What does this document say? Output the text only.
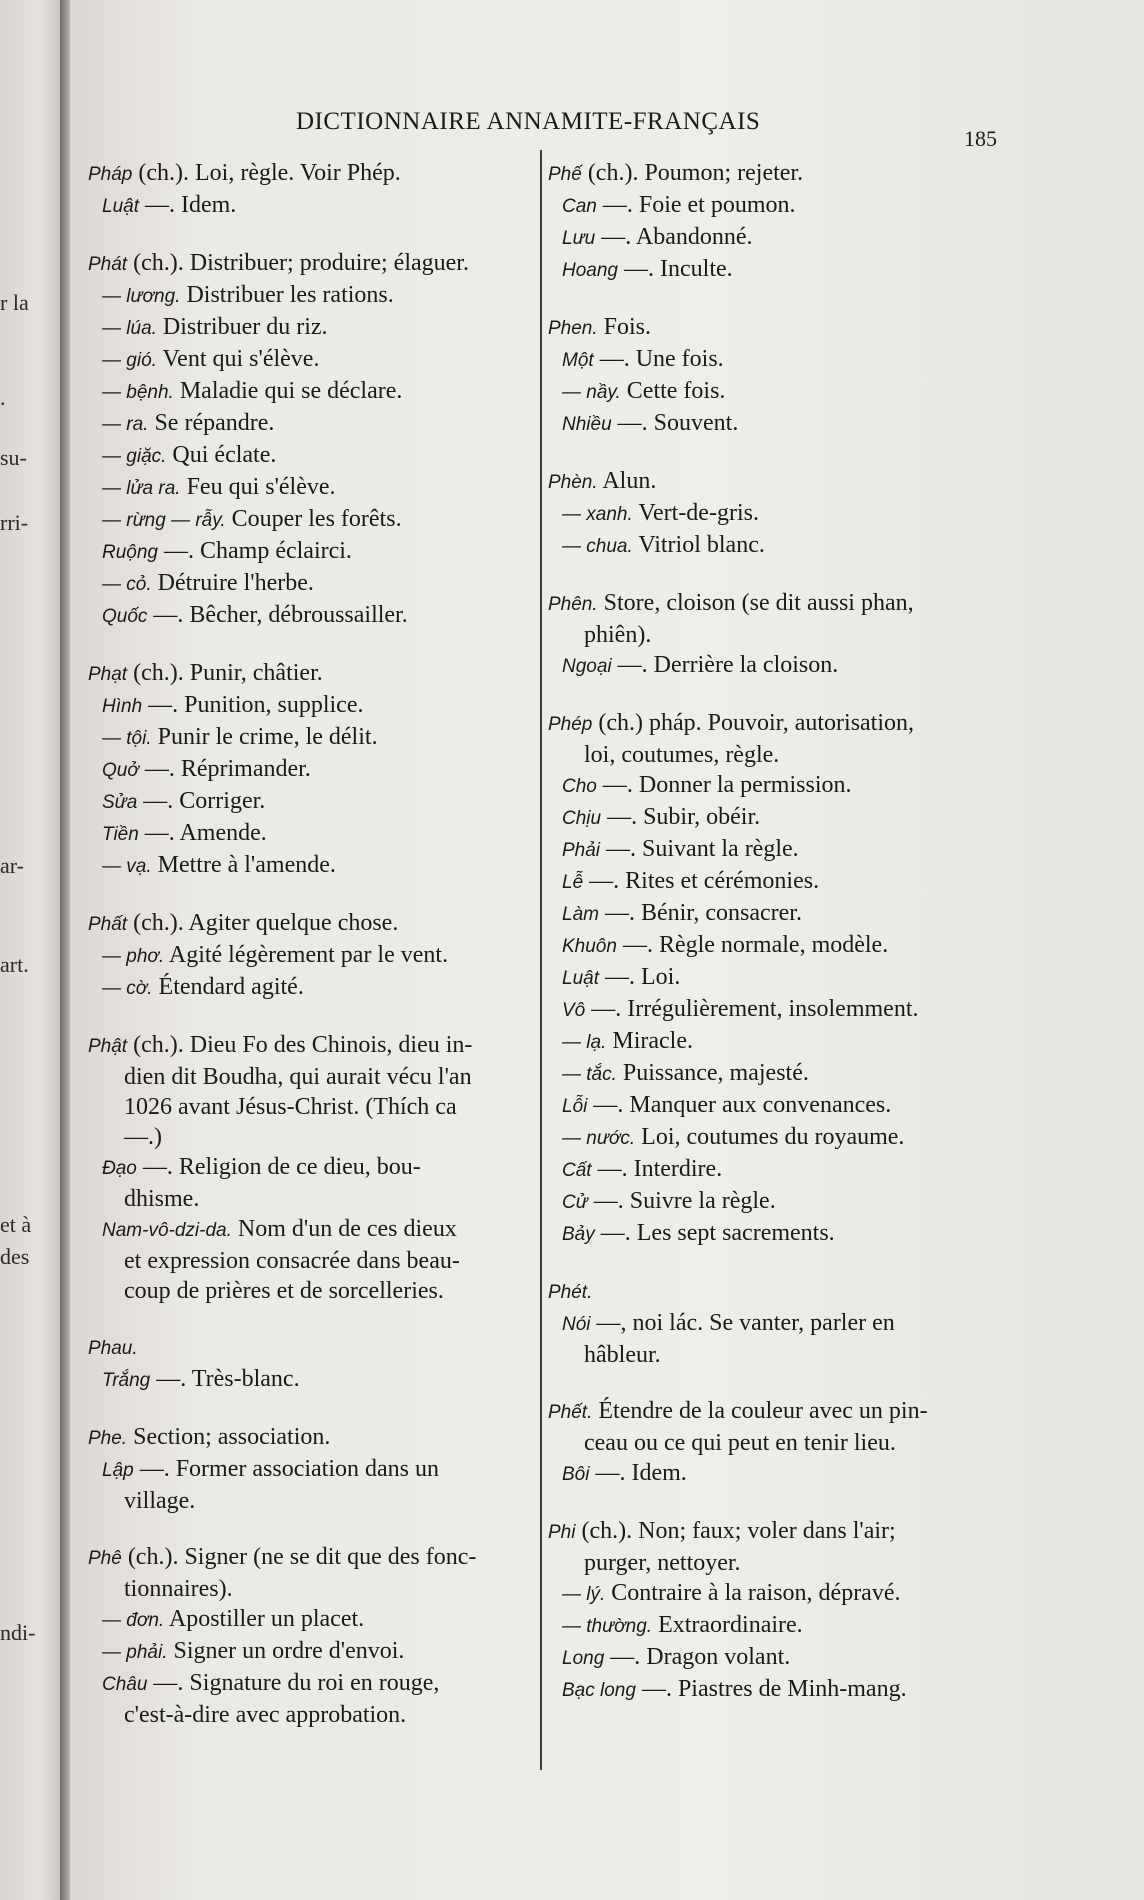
r la
.
su-
rri-
ar-
art.
et à
des
ndi-
DICTIONNAIRE ANNAMITE-FRANÇAIS
185
Pháp (ch.). Loi, règle. Voir Phép.
Luật —. Idem.
Phát (ch.). Distribuer; produire; élaguer.
— lương. Distribuer les rations.
— lúa. Distribuer du riz.
— gió. Vent qui s'élève.
— bệnh. Maladie qui se déclare.
— ra. Se répandre.
— giặc. Qui éclate.
— lửa ra. Feu qui s'élève.
— rừng — rẫy. Couper les forêts.
Ruộng —. Champ éclairci.
— cỏ. Détruire l'herbe.
Quốc —. Bêcher, débroussailler.
Phạt (ch.). Punir, châtier.
Hình —. Punition, supplice.
— tội. Punir le crime, le délit.
Quở —. Réprimander.
Sửa —. Corriger.
Tiền —. Amende.
— vạ. Mettre à l'amende.
Phất (ch.). Agiter quelque chose.
— phơ. Agité légèrement par le vent.
— cờ. Étendard agité.
Phật (ch.). Dieu Fo des Chinois, dieu in-
dien dit Boudha, qui aurait vécu l'an
1026 avant Jésus-Christ. (Thích ca
—.)
Đạo —. Religion de ce dieu, bou-
dhisme.
Nam-vô-dzi-da. Nom d'un de ces dieux
et expression consacrée dans beau-
coup de prières et de sorcelleries.
Phau.
Trắng —. Très-blanc.
Phe. Section; association.
Lập —. Former association dans un
village.
Phê (ch.). Signer (ne se dit que des fonc-
tionnaires).
— đơn. Apostiller un placet.
— phải. Signer un ordre d'envoi.
Châu —. Signature du roi en rouge,
c'est-à-dire avec approbation.
Phế (ch.). Poumon; rejeter.
Can —. Foie et poumon.
Lưu —. Abandonné.
Hoang —. Inculte.
Phen. Fois.
Một —. Une fois.
— nầy. Cette fois.
Nhiều —. Souvent.
Phèn. Alun.
— xanh. Vert-de-gris.
— chua. Vitriol blanc.
Phên. Store, cloison (se dit aussi phan,
phiên).
Ngoại —. Derrière la cloison.
Phép (ch.) pháp. Pouvoir, autorisation,
loi, coutumes, règle.
Cho —. Donner la permission.
Chịu —. Subir, obéir.
Phải —. Suivant la règle.
Lễ —. Rites et cérémonies.
Làm —. Bénir, consacrer.
Khuôn —. Règle normale, modèle.
Luật —. Loi.
Vô —. Irrégulièrement, insolemment.
— lạ. Miracle.
— tắc. Puissance, majesté.
Lỗi —. Manquer aux convenances.
— nước. Loi, coutumes du royaume.
Cất —. Interdire.
Cử —. Suivre la règle.
Bảy —. Les sept sacrements.
Phét.
Nói —, noi lác. Se vanter, parler en
hâbleur.
Phết. Étendre de la couleur avec un pin-
ceau ou ce qui peut en tenir lieu.
Bôi —. Idem.
Phi (ch.). Non; faux; voler dans l'air;
purger, nettoyer.
— lý. Contraire à la raison, dépravé.
— thường. Extraordinaire.
Long —. Dragon volant.
Bạc long —. Piastres de Minh-mang.
